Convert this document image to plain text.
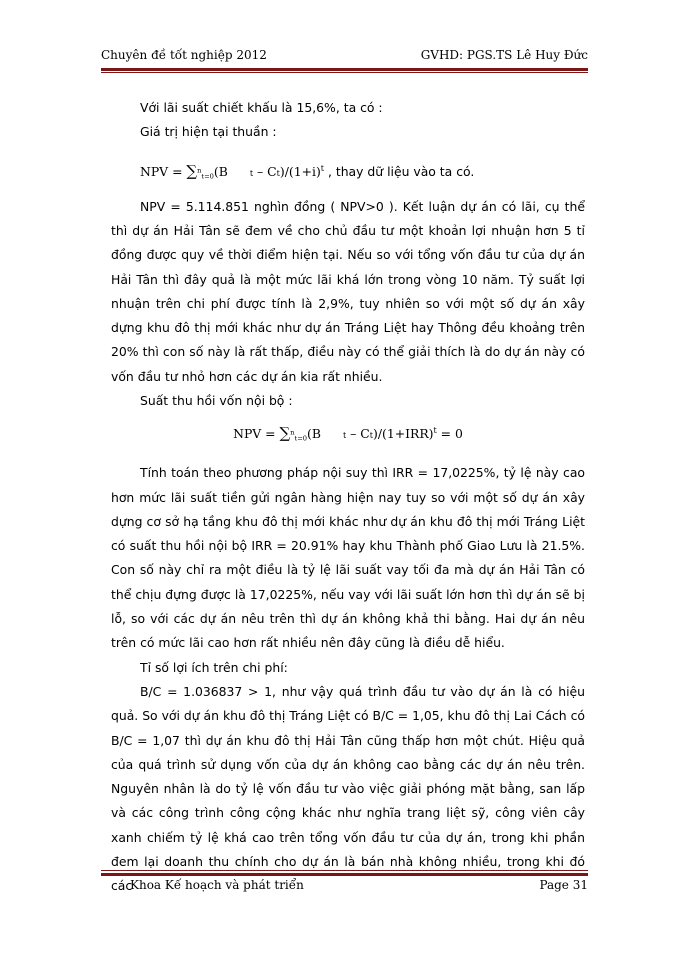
Chuyên đề tốt nghiệp 2012	GVHD: PGS.TS Lê Huy Đức

Với lãi suất chiết khấu là 15,6%, ta có :

Giá trị hiện tại thuần :

NPV = ∑$^n_{t=0}$(B	$t - Ct)/(1+i)^t$ , thay dữ liệu vào ta có.

NPV = 5.114.851 nghìn đồng ( NPV>0 ). Kết luận dự án có lãi, cụ thể thì dự án Hải Tân sẽ đem về cho chủ đầu tư một khoản lợi nhuận hơn 5 tỉ đồng được quy về thời điểm hiện tại. Nếu so với tổng vốn đầu tư của dự án Hải Tân thì đây quả là một mức lãi khá lớn trong vòng 10 năm. Tỷ suất lợi nhuận trên chi phí được tính là 2,9%, tuy nhiên so với một số dự án xây dựng khu đô thị mới khác như dự án Tráng Liệt hay Thông đều khoảng trên 20% thì con số này là rất thấp, điều này có thể giải thích là do dự án này có vốn đầu tư nhỏ hơn các dự án kia rất nhiều.

Suất thu hồi vốn nội bộ :

NPV = ∑$^n_{t=0}$(B	$t - Ct)/(1+IRR)^t = 0$

Tính toán theo phương pháp nội suy thì IRR = 17,0225%, tỷ lệ này cao hơn mức lãi suất tiền gửi ngân hàng hiện nay tuy so với một số dự án xây dựng cơ sở hạ tầng khu đô thị mới khác như dự án khu đô thị mới Tráng Liệt có suất thu hồi nội bộ IRR = 20.91% hay khu Thành phố Giao Lưu là 21.5%. Con số này chỉ ra một điều là tỷ lệ lãi suất vay tối đa mà dự án Hải Tân có thể chịu đựng được là 17,0225%, nếu vay với lãi suất lớn hơn thì dự án sẽ bị lỗ, so với các dự án nêu trên thì dự án không khả thi bằng. Hai dự án nêu trên có mức lãi cao hơn rất nhiều nên đây cũng là điều dễ hiểu.

Tỉ số lợi ích trên chi phí:

B/C = 1.036837 > 1, như vậy quá trình đầu tư vào dự án là có hiệu quả. So với dự án khu đô thị Tráng Liệt có B/C = 1,05, khu đô thị Lai Cách có B/C = 1,07 thì dự án khu đô thị Hải Tân cũng thấp hơn một chút. Hiệu quả của quá trình sử dụng vốn của dự án không cao bằng các dự án nêu trên. Nguyên nhân là do tỷ lệ vốn đầu tư vào việc giải phóng mặt bằng, san lấp và các công trình công cộng khác như nghĩa trang liệt sỹ, công viên cây xanh chiếm tỷ lệ khá cao trên tổng vốn đầu tư của dự án, trong khi phần đem lại doanh thu chính cho dự án là bán nhà không nhiều, trong khi đó các

Khoa Kế hoạch và phát triển	Page 31
